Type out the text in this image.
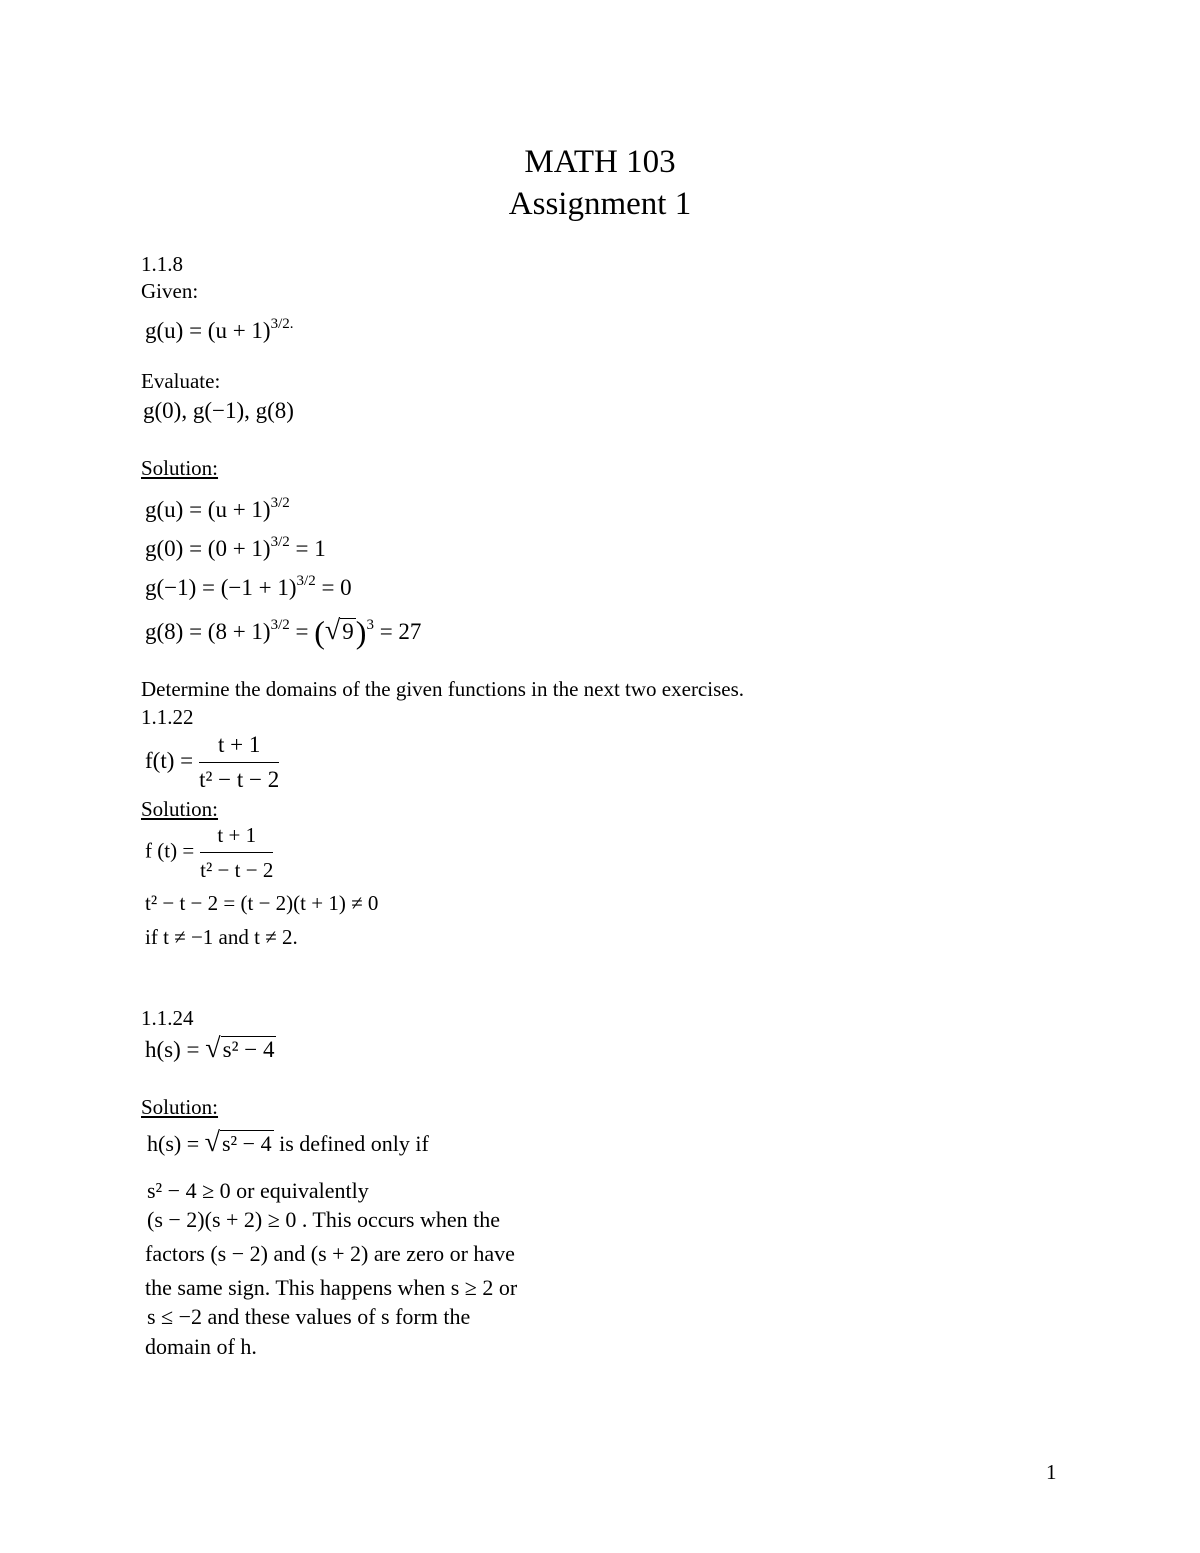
MATH 103
Assignment 1
1.1.8
Given:
$g(u) = (u + 1)^{3/2.}$
Evaluate:
g(0), g(−1), g(8)
Solution:
$g(u) = (u + 1)^{3/2}$
$g(0) = (0 + 1)^{3/2} = 1$
$g(-1) = (-1 + 1)^{3/2} = 0$
$g(8) = (8 + 1)^{3/2} = (√9)^3 = 27$
Determine the domains of the given functions in the next two exercises.
1.1.22
$f(t) = \frac{t + 1}{\text{t² − t − 2}}$
Solution:
f $(t) = \frac{t + 1}{\text{t² − t − 2}}$
t² − t − 2 = (t − 2)(t + 1) ≠ 0
if t ≠ −1 and t ≠ 2.
1.1.24
h(s) = √s² − 4
Solution:
h(s) = √s² − 4 is defined only if
s² − 4 ≥ 0 or equivalently
(s − 2)(s + 2) ≥ 0 . This occurs when the
factors (s − 2) and (s + 2) are zero or have
the same sign. This happens when s ≥ 2 or
s ≤ −2 and these values of s form the
domain of h.
1
